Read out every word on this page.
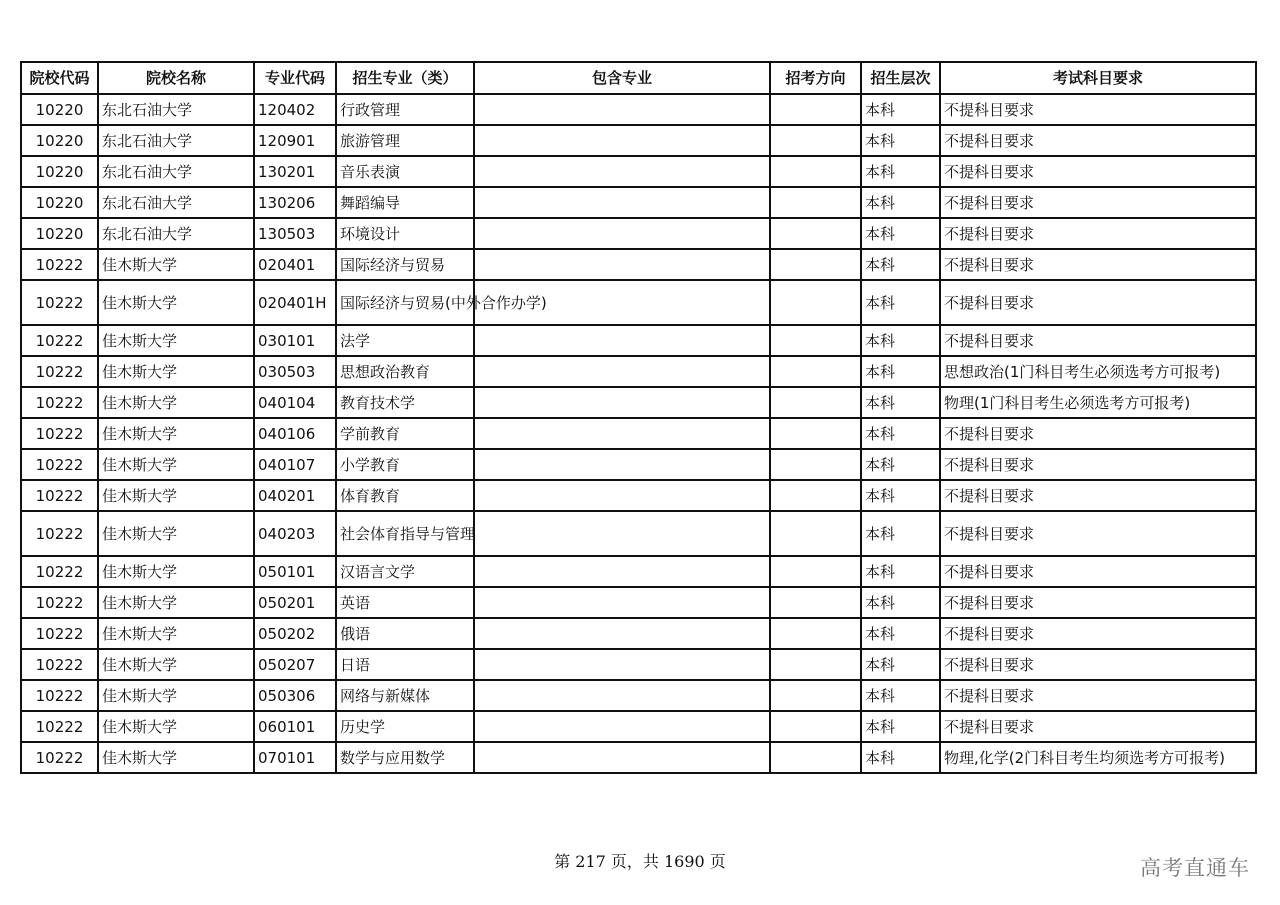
院校代码	院校名称	专业代码	招生专业（类）	包含专业	招考方向	招生层次	考试科目要求
10220	东北石油大学	120402	行政管理			本科	不提科目要求
10220	东北石油大学	120901	旅游管理			本科	不提科目要求
10220	东北石油大学	130201	音乐表演			本科	不提科目要求
10220	东北石油大学	130206	舞蹈编导			本科	不提科目要求
10220	东北石油大学	130503	环境设计			本科	不提科目要求
10222	佳木斯大学	020401	国际经济与贸易			本科	不提科目要求
10222	佳木斯大学	020401H	国际经济与贸易(中外合作办学)			本科	不提科目要求
10222	佳木斯大学	030101	法学			本科	不提科目要求
10222	佳木斯大学	030503	思想政治教育			本科	思想政治(1门科目考生必须选考方可报考)
10222	佳木斯大学	040104	教育技术学			本科	物理(1门科目考生必须选考方可报考)
10222	佳木斯大学	040106	学前教育			本科	不提科目要求
10222	佳木斯大学	040107	小学教育			本科	不提科目要求
10222	佳木斯大学	040201	体育教育			本科	不提科目要求
10222	佳木斯大学	040203	社会体育指导与管理			本科	不提科目要求
10222	佳木斯大学	050101	汉语言文学			本科	不提科目要求
10222	佳木斯大学	050201	英语			本科	不提科目要求
10222	佳木斯大学	050202	俄语			本科	不提科目要求
10222	佳木斯大学	050207	日语			本科	不提科目要求
10222	佳木斯大学	050306	网络与新媒体			本科	不提科目要求
10222	佳木斯大学	060101	历史学			本科	不提科目要求
10222	佳木斯大学	070101	数学与应用数学			本科	物理,化学(2门科目考生均须选考方可报考)
第 217 页，共 1690 页	高考直通车
